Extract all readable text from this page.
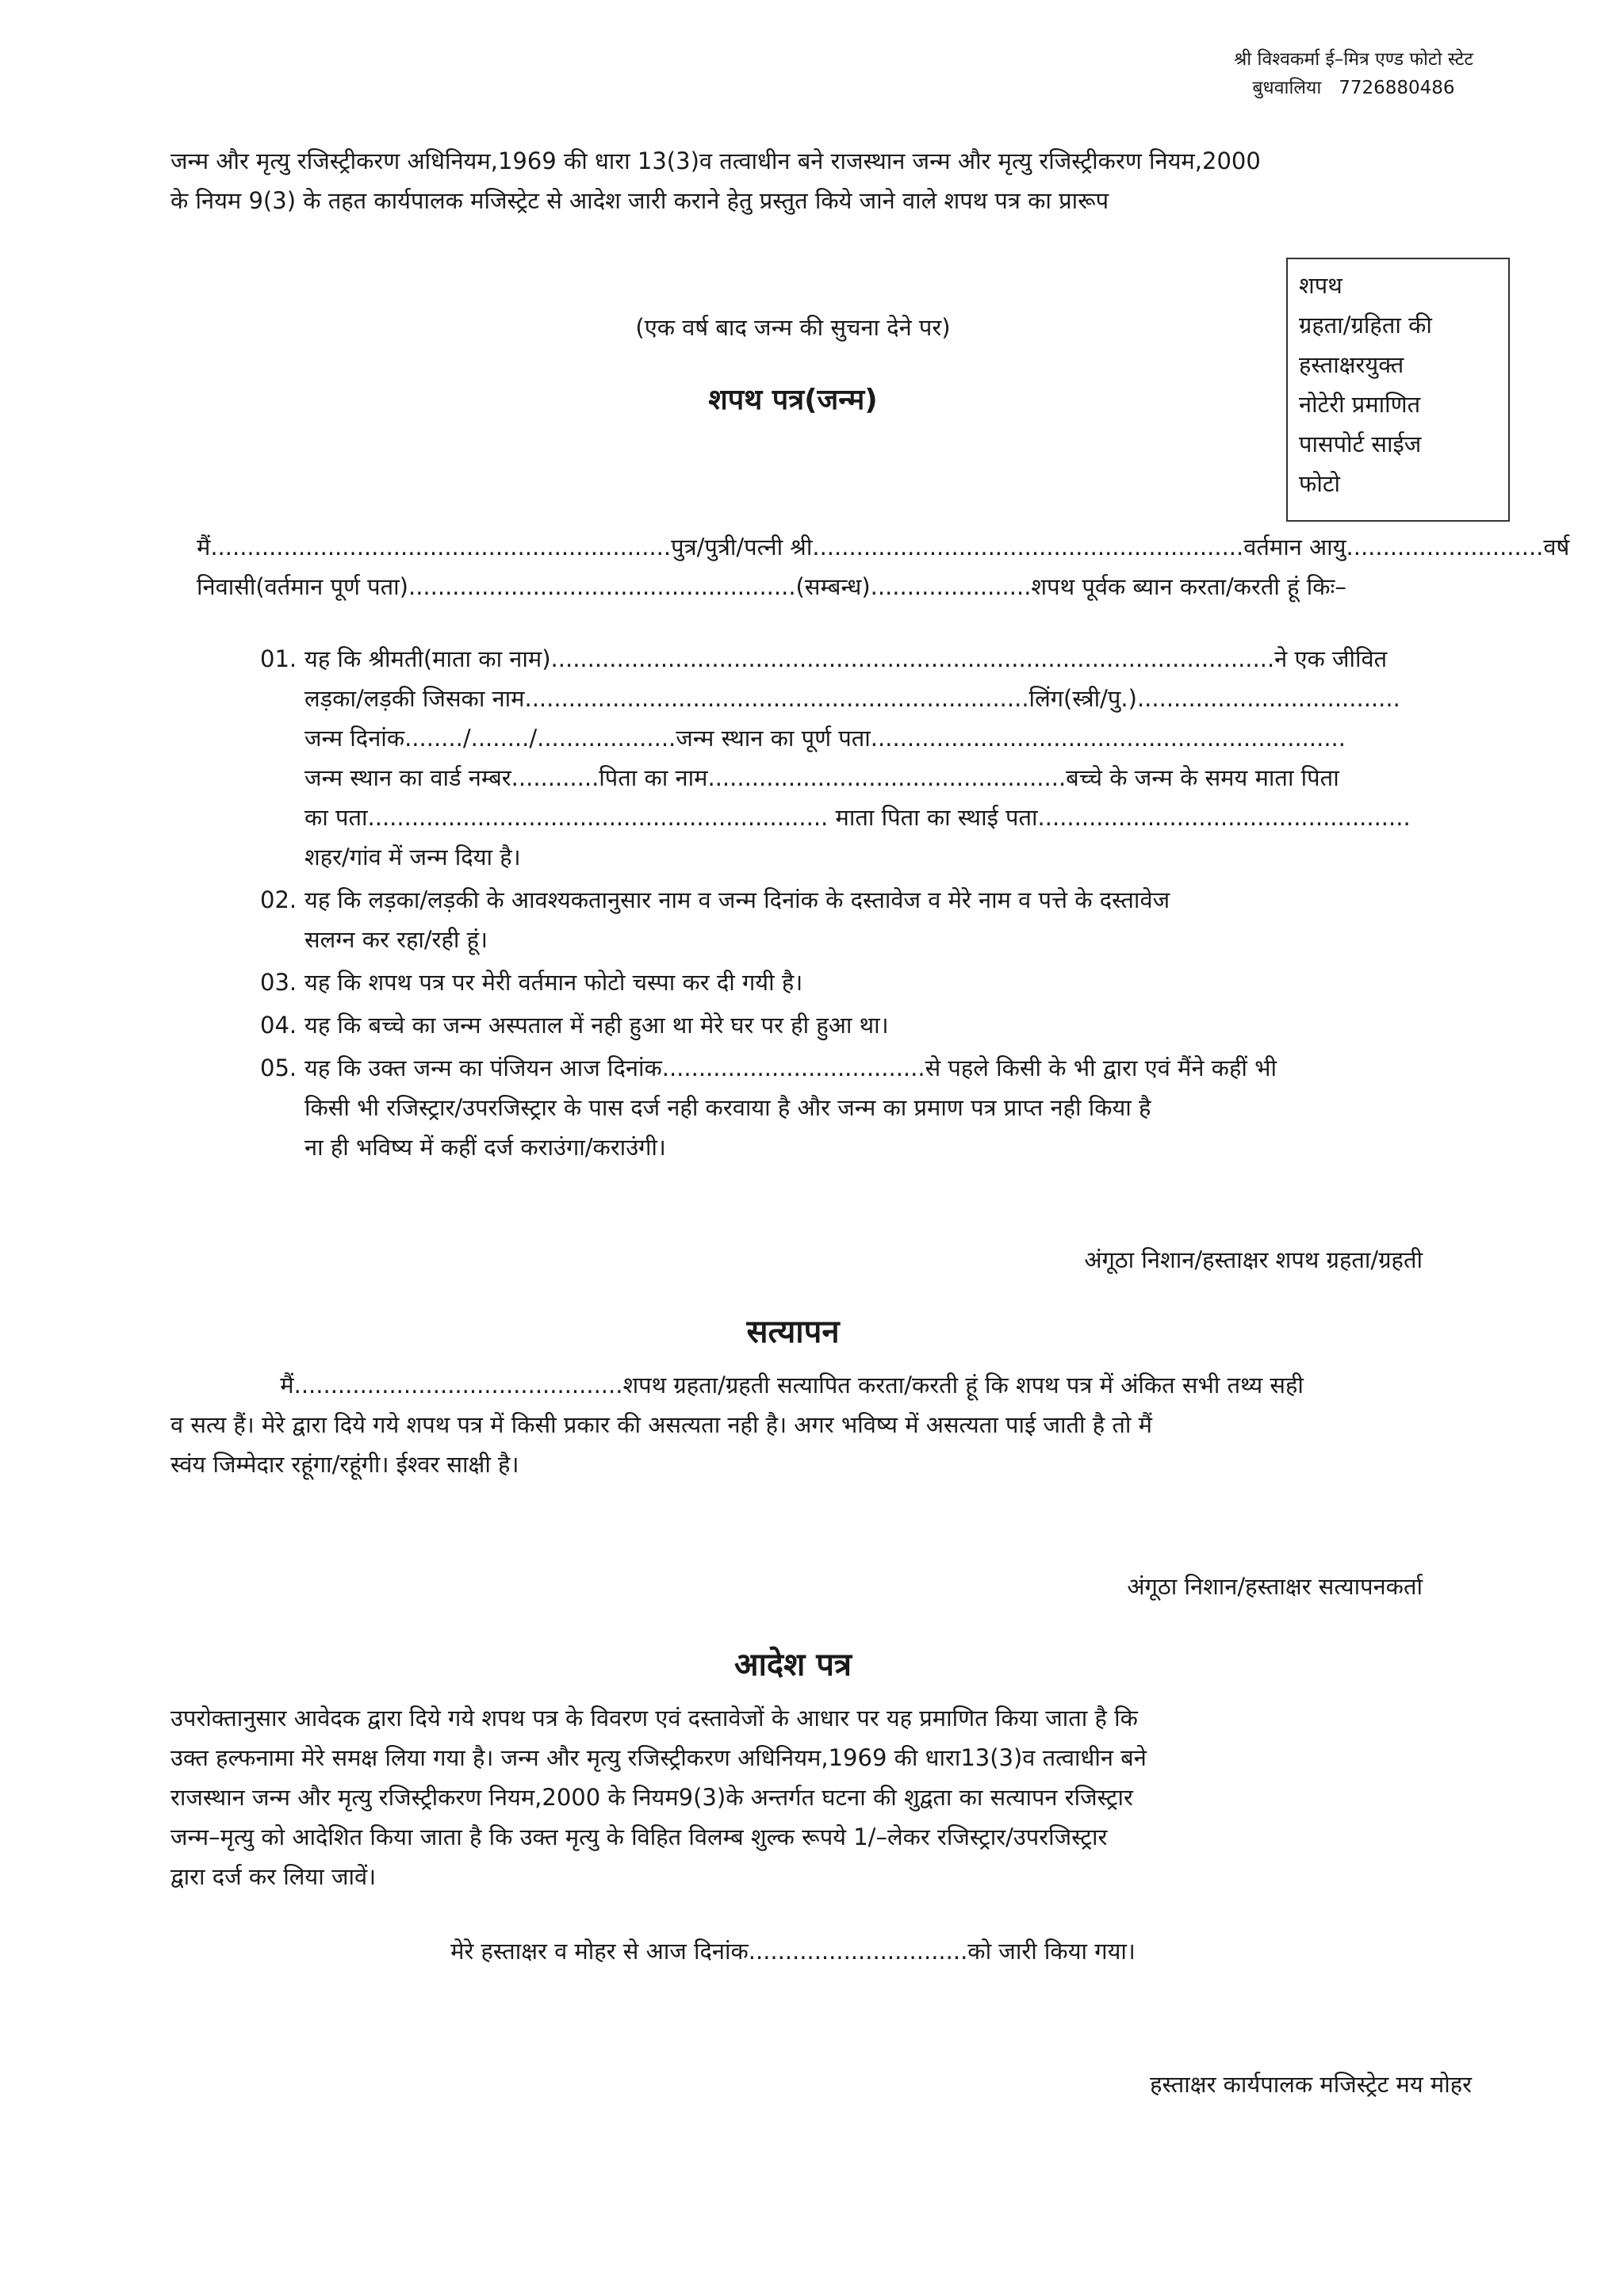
श्री विश्वकर्मा ई–मित्र एण्ड फोटो स्टेट
बुधवालिया 7726880486
जन्म और मृत्यु रजिस्ट्रीकरण अधिनियम,1969 की धारा 13(3)व तत्वाधीन बने राजस्थान जन्म और मृत्यु रजिस्ट्रीकरण नियम,2000
के नियम 9(3) के तहत कार्यपालक मजिस्ट्रेट से आदेश जारी कराने हेतु प्रस्तुत किये जाने वाले शपथ पत्र का प्रारूप
शपथ
ग्रहता/ग्रहिता की
हस्ताक्षरयुक्त
नोटेरी प्रमाणित
पासपोर्ट साईज
फोटो
(एक वर्ष बाद जन्म की सुचना देने पर)
शपथ पत्र(जन्म)
मैं...............................................................पुत्र/पुत्री/पत्नी श्री...........................................................वर्तमान आयु...........................वर्ष
निवासी(वर्तमान पूर्ण पता).....................................................(सम्बन्ध)......................शपथ पूर्वक ब्यान करता/करती हूं किः–
01. यह कि श्रीमती(माता का नाम)...................................................................................................ने एक जीवित
लड़का/लड़की जिसका नाम.....................................................................लिंग(स्त्री/पु.)....................................
जन्म दिनांक......../......../...................जन्म स्थान का पूर्ण पता.................................................................
जन्म स्थान का वार्ड नम्बर............पिता का नाम.................................................बच्चे के जन्म के समय माता पिता
का पता............................................................... माता पिता का स्थाई पता...................................................
शहर/गांव में जन्म दिया है।
02. यह कि लड़का/लड़की के आवश्यकतानुसार नाम व जन्म दिनांक के दस्तावेज व मेरे नाम व पत्ते के दस्तावेज
सलग्न कर रहा/रही हूं।
03. यह कि शपथ पत्र पर मेरी वर्तमान फोटो चस्पा कर दी गयी है।
04. यह कि बच्चे का जन्म अस्पताल में नही हुआ था मेरे घर पर ही हुआ था।
05. यह कि उक्त जन्म का पंजियन आज दिनांक....................................से पहले किसी के भी द्वारा एवं मैंने कहीं भी
किसी भी रजिस्ट्रार/उपरजिस्ट्रार के पास दर्ज नही करवाया है और जन्म का प्रमाण पत्र प्राप्त नही किया है
ना ही भविष्य में कहीं दर्ज कराउंगा/कराउंगी।
अंगूठा निशान/हस्ताक्षर शपथ ग्रहता/ग्रहती
सत्यापन
मैं.............................................शपथ ग्रहता/ग्रहती सत्यापित करता/करती हूं कि शपथ पत्र में अंकित सभी तथ्य सही
व सत्य हैं। मेरे द्वारा दिये गये शपथ पत्र में किसी प्रकार की असत्यता नही है। अगर भविष्य में असत्यता पाई जाती है तो मैं
स्वंय जिम्मेदार रहूंगा/रहूंगी। ईश्वर साक्षी है।
अंगूठा निशान/हस्ताक्षर सत्यापनकर्ता
आदेश पत्र
उपरोक्तानुसार आवेदक द्वारा दिये गये शपथ पत्र के विवरण एवं दस्तावेजों के आधार पर यह प्रमाणित किया जाता है कि
उक्त हल्फनामा मेरे समक्ष लिया गया है। जन्म और मृत्यु रजिस्ट्रीकरण अधिनियम,1969 की धारा13(3)व तत्वाधीन बने
राजस्थान जन्म और मृत्यु रजिस्ट्रीकरण नियम,2000 के नियम9(3)के अन्तर्गत घटना की शुद्वता का सत्यापन रजिस्ट्रार
जन्म–मृत्यु को आदेशित किया जाता है कि उक्त मृत्यु के विहित विलम्ब शुल्क रूपये 1/–लेकर रजिस्ट्रार/उपरजिस्ट्रार
द्वारा दर्ज कर लिया जावें।
मेरे हस्ताक्षर व मोहर से आज दिनांक..............................को जारी किया गया।
हस्ताक्षर कार्यपालक मजिस्ट्रेट मय मोहर
